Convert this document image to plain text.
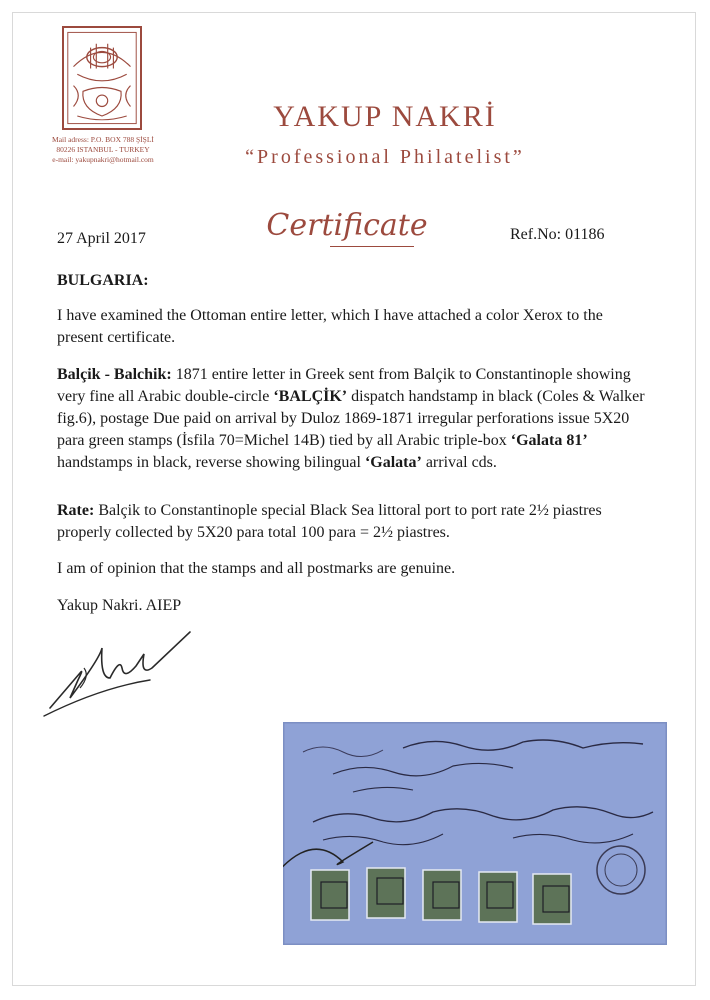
Mail adress: P.O. BOX 788 ŞİŞLİ
80226 ISTANBUL - TURKEY
e-mail: yakupnakri@hotmail.com
YAKUP NAKRİ
“Professional Philatelist”
27 April 2017	Certificate	Ref.No: 01186
BULGARIA:
I have examined the Ottoman entire letter, which I have attached a color Xerox to the present certificate.
Balçik - Balchik: 1871 entire letter in Greek sent from Balçik to Constantinople showing very fine all Arabic double-circle ‘BALÇİK’ dispatch handstamp in black (Coles & Walker fig.6), postage Due paid on arrival by Duloz 1869-1871 irregular perforations issue 5X20 para green stamps (İsfila 70=Michel 14B) tied by all Arabic triple-box ‘Galata 81’ handstamps in black, reverse showing bilingual ‘Galata’ arrival cds.
Rate: Balçik to Constantinople special Black Sea littoral port to port rate 2½ piastres properly collected by 5X20 para total 100 para = 2½ piastres.
I am of opinion that the stamps and all postmarks are genuine.
Yakup Nakri. AIEP
